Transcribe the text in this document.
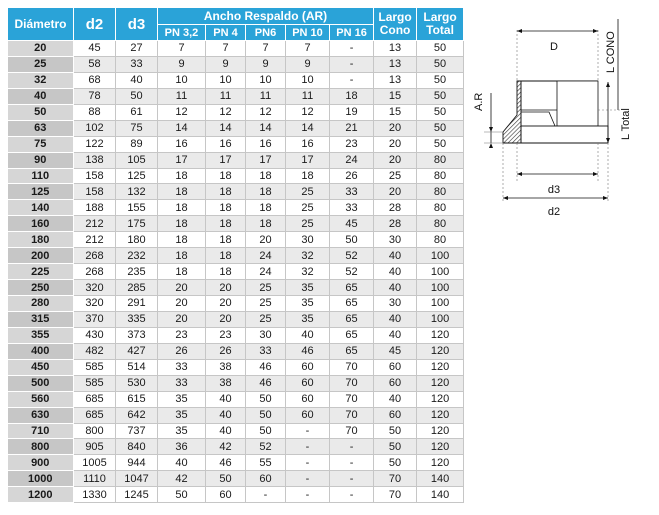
Diámetro	d2	d3	Ancho Respaldo (AR)					Largo Cono	Largo Total
			PN 3,2	PN 4	PN6	PN 10	PN 16		
20	45	27	7	7	7	7	-	13	50
25	58	33	9	9	9	9	-	13	50
32	68	40	10	10	10	10	-	13	50
40	78	50	11	11	11	11	18	15	50
50	88	61	12	12	12	12	19	15	50
63	102	75	14	14	14	14	21	20	50
75	122	89	16	16	16	16	23	20	50
90	138	105	17	17	17	17	24	20	80
110	158	125	18	18	18	18	26	25	80
125	158	132	18	18	18	25	33	20	80
140	188	155	18	18	18	25	33	28	80
160	212	175	18	18	18	25	45	28	80
180	212	180	18	18	20	30	50	30	80
200	268	232	18	18	24	32	52	40	100
225	268	235	18	18	24	32	52	40	100
250	320	285	20	20	25	35	65	40	100
280	320	291	20	20	25	35	65	30	100
315	370	335	20	20	25	35	65	40	100
355	430	373	23	23	30	40	65	40	120
400	482	427	26	26	33	46	65	45	120
450	585	514	33	38	46	60	70	60	120
500	585	530	33	38	46	60	70	60	120
560	685	615	35	40	50	60	70	40	120
630	685	642	35	40	50	60	70	60	120
710	800	737	35	40	50	-	70	50	120
800	905	840	36	42	52	-	-	50	120
900	1005	944	40	46	55	-	-	50	120
1000	1110	1047	42	50	60	-	-	70	140
1200	1330	1245	50	60	-	-	-	70	140
D	L CONO
L Total
A.R
d3
d2
